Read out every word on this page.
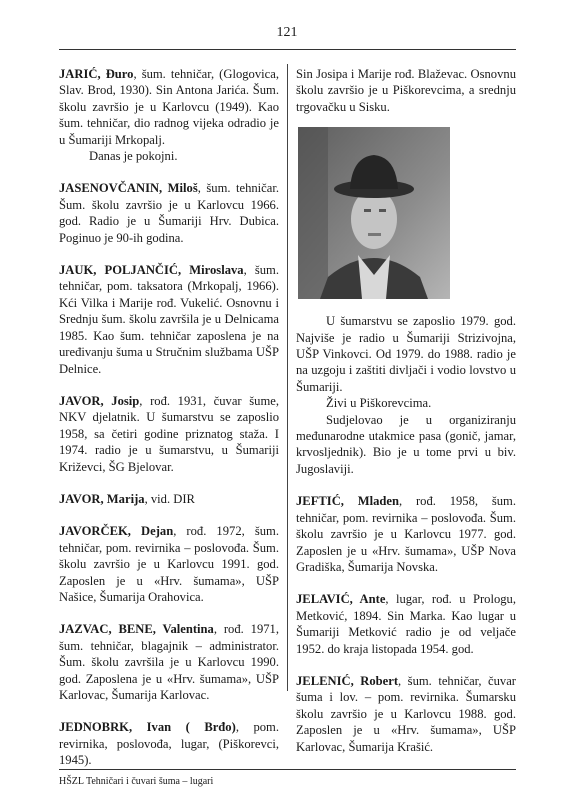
121

JARIĆ, Đuro, šum. tehničar, (Glogovica, Slav. Brod, 1930). Sin Antona Jarića. Šum. školu završio je u Karlovcu (1949). Kao šum. tehničar, dio radnog vijeka odradio je u Šumariji Mrkopalj.
Danas je pokojni.

JASENOVČANIN, Miloš, šum. tehničar. Šum. školu završio je u Karlovcu 1966. god. Radio je u Šumariji Hrv. Dubica. Poginuo je 90-ih godina.

JAUK, POLJANČIĆ, Miroslava, šum. tehničar, pom. taksatora (Mrkopalj, 1966). Kći Vilka i Marije rođ. Vukelić. Osnovnu i Srednju šum. školu završila je u Delnicama 1985. Kao šum. tehničar zaposlena je na uređivanju šuma u Stručnim službama UŠP Delnice.

JAVOR, Josip, rođ. 1931, čuvar šume, NKV djelatnik. U šumarstvu se zaposlio 1958, sa četiri godine priznatog staža. I 1974. radio je u šumarstvu, u Šumariji Križevci, ŠG Bjelovar.

JAVOR, Marija, vid. DIR

JAVORČEK, Dejan, rođ. 1972, šum. tehničar, pom. revirnika – poslovođa. Šum. školu završio je u Karlovcu 1991. god. Zaposlen je u «Hrv. šumama», UŠP Našice, Šumarija Orahovica.

JAZVAC, BENE, Valentina, rođ. 1971, šum. tehničar, blagajnik – administrator. Šum. školu završila je u Karlovcu 1990. god. Zaposlena je u «Hrv. šumama», UŠP Karlovac, Šumarija Karlovac.

JEDNOBRK, Ivan ( Brđo), pom. revirnika, poslovođa, lugar, (Piškorevci, 1945).

Sin Josipa i Marije rođ. Blaževac. Osnovnu školu završio je u Piškorevcima, a srednju trgovačku u Sisku.

U šumarstvu se zaposlio 1979. god. Najviše je radio u Šumariji Strizivojna, UŠP Vinkovci. Od 1979. do 1988. radio je na uzgoju i zaštiti divljači i vodio lovstvo u Šumariji.

Živi u Piškorevcima.

Sudjelovao je u organiziranju međunarodne utakmice pasa (gonič, jamar, krvosljednik). Bio je u tome prvi u biv. Jugoslaviji.

JEFTIĆ, Mladen, rođ. 1958, šum. tehničar, pom. revirnika – poslovođa. Šum. školu završio je u Karlovcu 1977. god. Zaposlen je u «Hrv. šumama», UŠP Nova Gradiška, Šumarija Novska.

JELAVIĆ, Ante, lugar, rođ. u Prologu, Metković, 1894. Sin Marka. Kao lugar u Šumariji Metković radio je od veljače 1952. do kraja listopada 1954. god.

JELENIĆ, Robert, šum. tehničar, čuvar šuma i lov. – pom. revirnika. Šumarsku školu završio je u Karlovcu 1988. god. Zaposlen je u «Hrv. šumama», UŠP Karlovac, Šumarija Krašić.

HŠZL Tehničari i čuvari šuma – lugari
